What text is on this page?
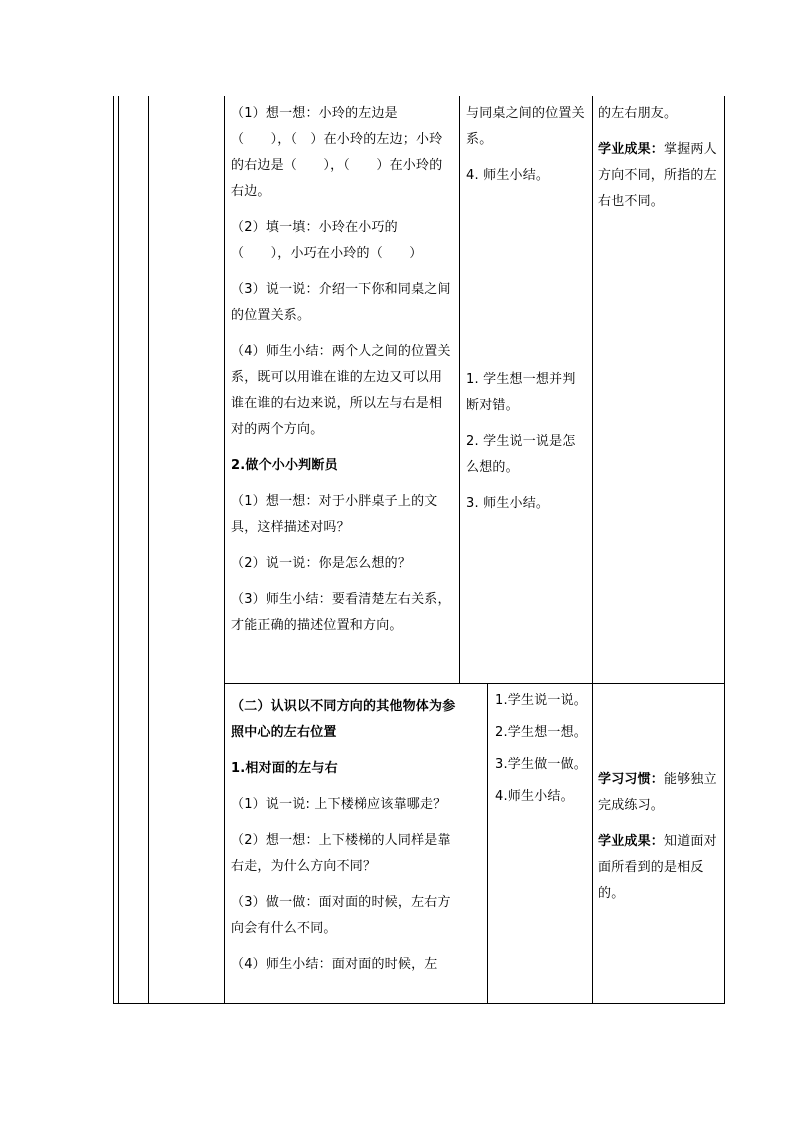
（1）想一想：小玲的左边是（　　），（　）在小玲的左边；小玲的右边是（　　），（　　）在小玲的右边。

（2）填一填：小玲在小巧的（　　），小巧在小玲的（　　）

（3）说一说：介绍一下你和同桌之间的位置关系。

（4）师生小结：两个人之间的位置关系，既可以用谁在谁的左边又可以用谁在谁的右边来说，所以左与右是相对的两个方向。

2.做个小小判断员

（1）想一想：对于小胖桌子上的文具，这样描述对吗？

（2）说一说：你是怎么想的？

（3）师生小结：要看清楚左右关系，才能正确的描述位置和方向。

与同桌之间的位置关系。

4. 师生小结。

1. 学生想一想并判断对错。

2. 学生说一说是怎么想的。

3. 师生小结。

的左右朋友。

学业成果：掌握两人方向不同，所指的左右也不同。

（二）认识以不同方向的其他物体为参照中心的左右位置

1.相对面的左与右

（1）说一说: 上下楼梯应该靠哪走？

（2）想一想：上下楼梯的人同样是靠右走，为什么方向不同？

（3）做一做：面对面的时候，左右方向会有什么不同。

（4）师生小结：面对面的时候，左

1.学生说一说。

2.学生想一想。

3.学生做一做。

4.师生小结。

学习习惯：能够独立完成练习。

学业成果：知道面对面所看到的是相反的。
